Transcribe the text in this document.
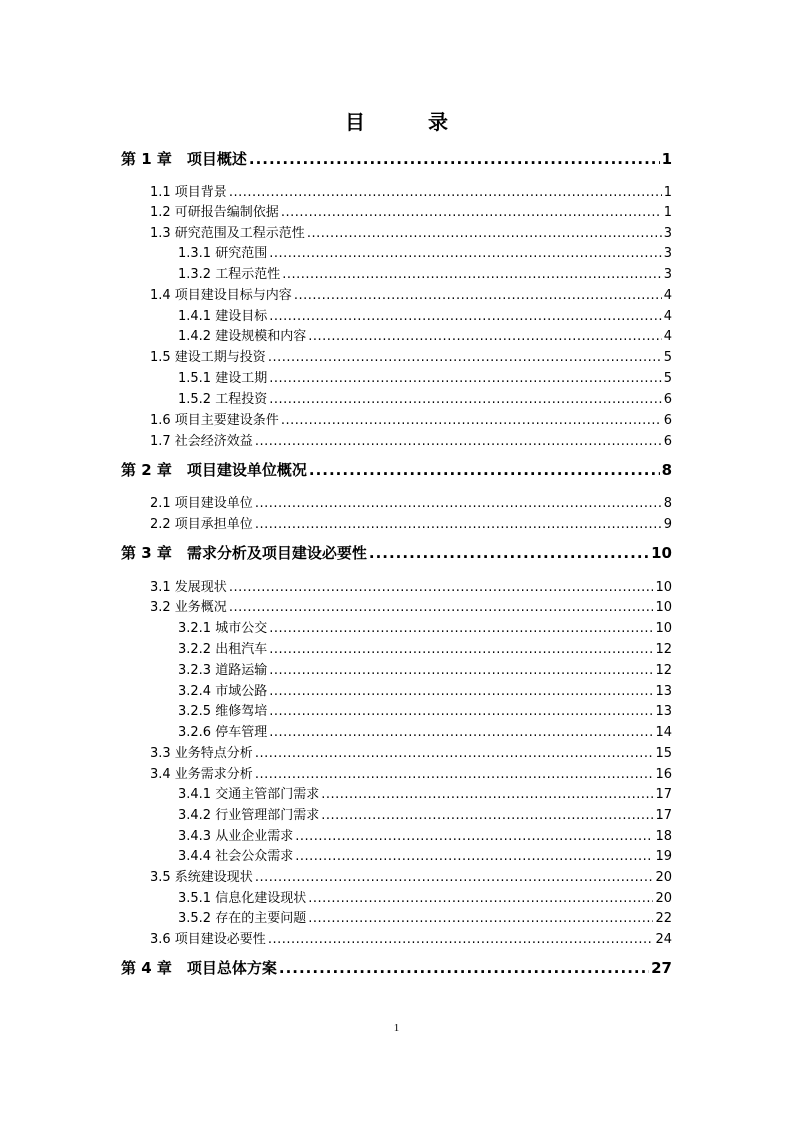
目 录
第 1 章　项目概述 .....	1
1.1 项目背景 .....	1
1.2 可研报告编制依据 .....	1
1.3 研究范围及工程示范性 .....	3
1.3.1 研究范围 .....	3
1.3.2 工程示范性 .....	3
1.4 项目建设目标与内容 .....	4
1.4.1 建设目标 .....	4
1.4.2 建设规模和内容 .....	4
1.5 建设工期与投资 .....	5
1.5.1 建设工期 .....	5
1.5.2 工程投资 .....	6
1.6 项目主要建设条件 .....	6
1.7 社会经济效益 .....	6
第 2 章　项目建设单位概况 .....	8
2.1 项目建设单位 .....	8
2.2 项目承担单位 .....	9
第 3 章　需求分析及项目建设必要性 .....	10
3.1 发展现状 .....	10
3.2 业务概况 .....	10
3.2.1 城市公交 .....	10
3.2.2 出租汽车 .....	12
3.2.3 道路运输 .....	12
3.2.4 市域公路 .....	13
3.2.5 维修驾培 .....	13
3.2.6 停车管理 .....	14
3.3 业务特点分析 .....	15
3.4 业务需求分析 .....	16
3.4.1 交通主管部门需求 .....	17
3.4.2 行业管理部门需求 .....	17
3.4.3 从业企业需求 .....	18
3.4.4 社会公众需求 .....	19
3.5 系统建设现状 .....	20
3.5.1 信息化建设现状 .....	20
3.5.2 存在的主要问题 .....	22
3.6 项目建设必要性 .....	24
第 4 章　项目总体方案 .....	27
1
